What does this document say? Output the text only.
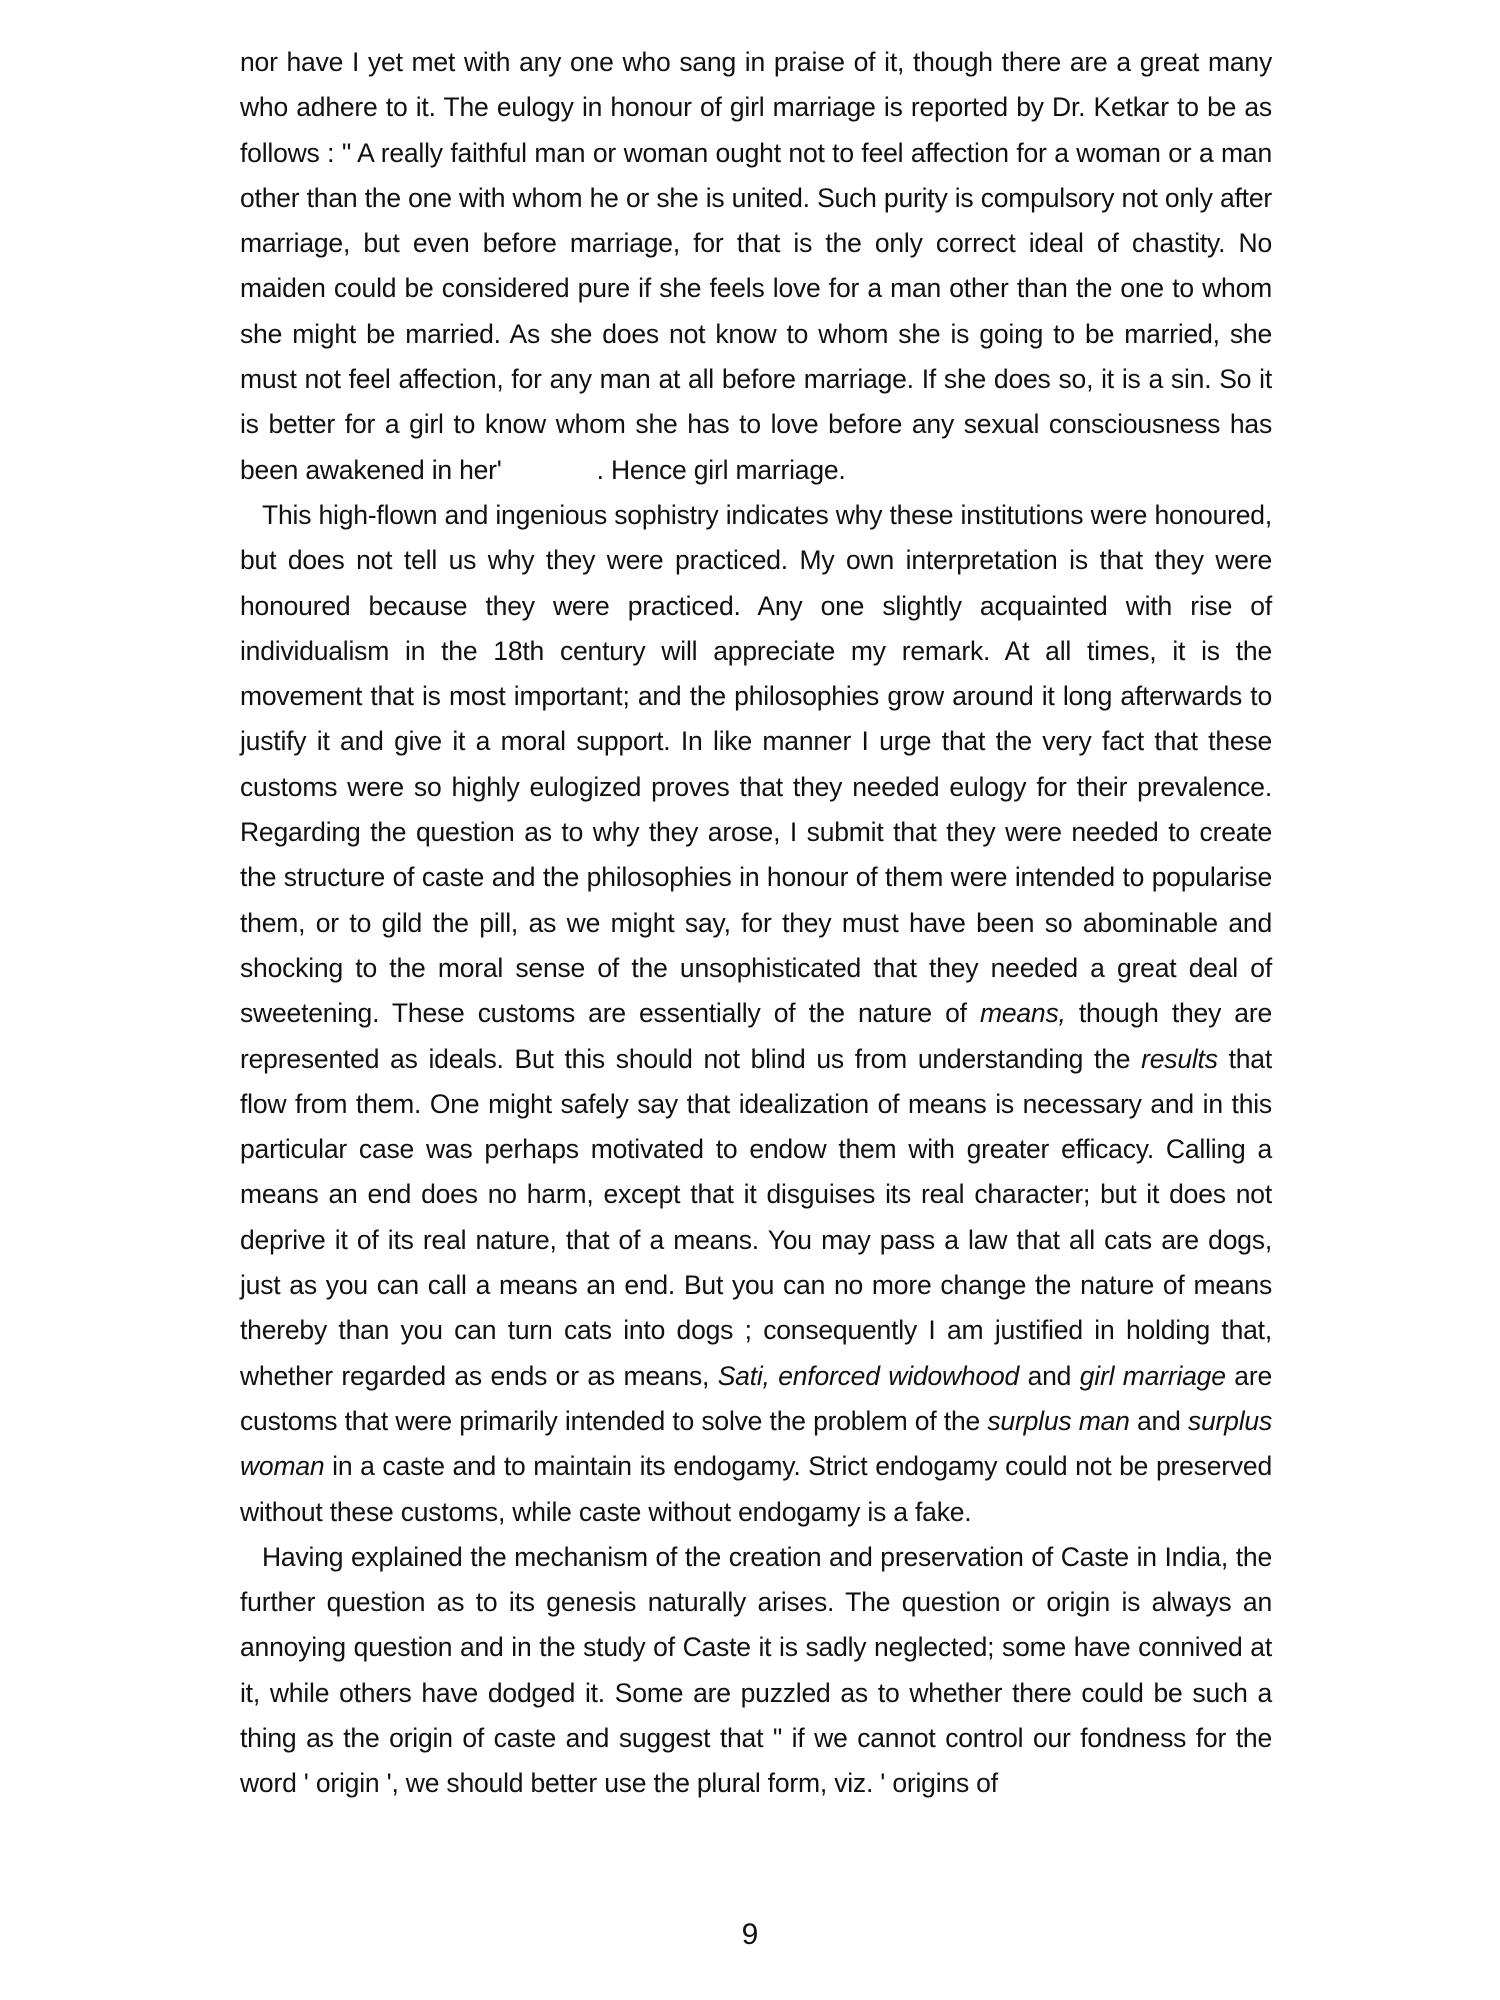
nor have I yet met with any one who sang in praise of it, though there are a great many who adhere to it. The eulogy in honour of girl marriage is reported by Dr. Ketkar to be as follows : " A really faithful man or woman ought not to feel affection for a woman or a man other than the one with whom he or she is united. Such purity is compulsory not only after marriage, but even before marriage, for that is the only correct ideal of chastity. No maiden could be considered pure if she feels love for a man other than the one to whom she might be married. As she does not know to whom she is going to be married, she must not feel affection, for any man at all before marriage. If she does so, it is a sin. So it is better for a girl to know whom she has to love before any sexual consciousness has been awakened in her'	. Hence girl marriage.

This high-flown and ingenious sophistry indicates why these institutions were honoured, but does not tell us why they were practiced. My own interpretation is that they were honoured because they were practiced. Any one slightly acquainted with rise of individualism in the 18th century will appreciate my remark. At all times, it is the movement that is most important; and the philosophies grow around it long afterwards to justify it and give it a moral support. In like manner I urge that the very fact that these customs were so highly eulogized proves that they needed eulogy for their prevalence. Regarding the question as to why they arose, I submit that they were needed to create the structure of caste and the philosophies in honour of them were intended to popularise them, or to gild the pill, as we might say, for they must have been so abominable and shocking to the moral sense of the unsophisticated that they needed a great deal of sweetening. These customs are essentially of the nature of means, though they are represented as ideals. But this should not blind us from understanding the results that flow from them. One might safely say that idealization of means is necessary and in this particular case was perhaps motivated to endow them with greater efficacy. Calling a means an end does no harm, except that it disguises its real character; but it does not deprive it of its real nature, that of a means. You may pass a law that all cats are dogs, just as you can call a means an end. But you can no more change the nature of means thereby than you can turn cats into dogs ; consequently I am justified in holding that, whether regarded as ends or as means, Sati, enforced widowhood and girl marriage are customs that were primarily intended to solve the problem of the surplus man and surplus woman in a caste and to maintain its endogamy. Strict endogamy could not be preserved without these customs, while caste without endogamy is a fake.

Having explained the mechanism of the creation and preservation of Caste in India, the further question as to its genesis naturally arises. The question or origin is always an annoying question and in the study of Caste it is sadly neglected; some have connived at it, while others have dodged it. Some are puzzled as to whether there could be such a thing as the origin of caste and suggest that " if we cannot control our fondness for the word ' origin ', we should better use the plural form, viz. ' origins of

9
